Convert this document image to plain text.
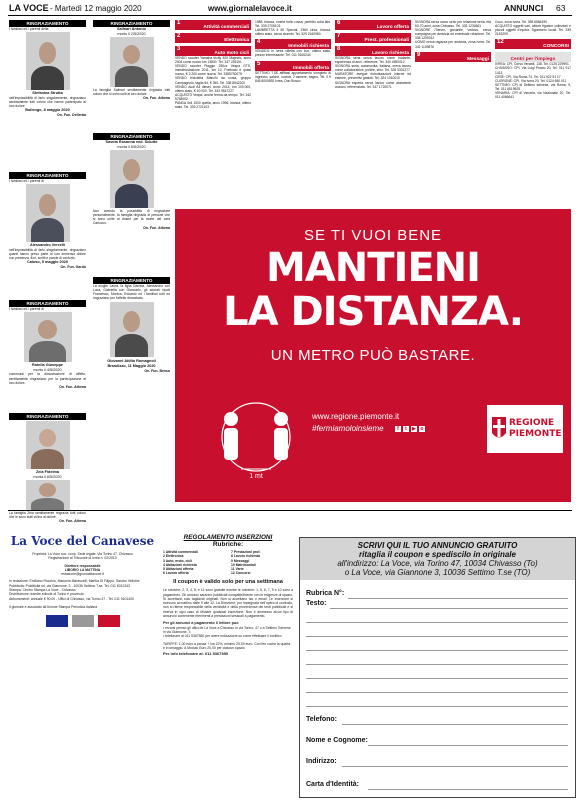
LA VOCE - Martedì 12 maggio 2020	www.giornalelavoce.it	ANNUNCI 63
RINGRAZIAMENTO
I familiari ed i parenti della
Stefanina Strutta
nell'impossibilità di farlo singolarmente, ringraziano sentitamente tutti coloro che hanno partecipato al loro dolore.
Bollengo, 8 maggio 2020
On. Fun. Dellerba
RINGRAZIAMENTO
I familiari ed i parenti di
Alessandro Vercelli
nell'impossibilità di farlo singolarmente, ringraziano quanti hanno preso parte al loro immenso dolore con presenza, fiori, scritti e parole di conforto.
Caluso, 5 maggio 2020
On. Fun. Gardo
RINGRAZIAMENTO
I familiari ed i parenti di
Rotella Giuseppe
morto il 4/5/2020
commossi per la dimostrazione di affetto, sentitamente ringraziano per la partecipazione al loro dolore.
On. Fun. Athena
RINGRAZIAMENTO
Zeia Fidelma
morta il 6/5/2020
La famiglia Zeia sentitamente ringrazia tutti coloro che le sono stati vicino al dolore.
On. Fun. Athena
RINGRAZIAMENTO
Salinari Antonio
morto il 2/5/2020
La famiglia Salinari sentitamente ringrazia tutti coloro che si sono uniti al loro dolore.
On. Fun. Athena
RINGRAZIAMENTO
Savoia Rosanna ved. Sciutto
morta il 5/5/2020
Non avendo la possibilità di ringraziare personalmente, la famiglia ringrazia le persone che si sono unite al dolore per la morte del cara Carlucco.
On. Fun. Athena
RINGRAZIAMENTO
La moglie Laura, la figlia Daniela, Alessandro con Luca, Gabriella con Giancarlo, gli adorati nipoti Francesco, Monica, Edoardo ed i familiari tutti ed ringraziano per l'affetto dimostrato.
Giovanni Attilio Romagnoli
Brandizzo, 11 Maggio 2020
On. Fun. Besso
1
Attività commerciali
2
Elettronica
3
Auto moto cicli
VENDO scooter Yamaha tricity 400 Majestic, anno 2004 come nuovo km 13800. Tel. 337 228151
VENDO scooter Piaggio 250cc Vespa GTS, immatricolazione 2011, km 10. Portinaio e quasi nuovo, € 2.200 come nuova. Tel. 3385730075
VENDO bicicletta Bianchi da corsa, gruppo Campagnolo, taglia 54, € 350. Tel. 338 8542202
VENDO Audi A4 diesel, anno 2014, km 100.000, ottimo stato, € 10.000. Tel. 333 9547227
ACQUISTO Vespa, anche ferma da tempo. Tel. 342 5758002
PANDA 4x4 1000 quella, anno 1996, bianca, ottimo stato. Tel. 339 2721103
1988, bianca, everte bello rossa, perfetto colla lato. Tel. 339 2705103
LAMBRETTA li 50 Special, 1960 circa, bianca, ottimo stato, cerca ricambi. Tel. 329 2160950
4
Immobili richiesta
VENDESI in Ivrea villetta con box, ottimo stato, prezzo interessante. Tel. 011 9106244
5
Immobili offerta
SETTIMO T.SE affittasi appartamento completo di ingresso, salone, cucina, 2 camere, bagno. Tel. 0 9 845 8000892 Ivrea, Don Bosco
6
Lavoro offerta
7
Prest. professionali
8
Lavoro richiesta
SIGNORA seria cerca lavoro come badante, esperienza di anni, referenze. Tel. 340 4590012
SIGNORA seria, automunita, italiana, cerca lavoro come collaboratrice, pulizie, stiro. Tel. 328 3301277
MURATORE esegue ristrutturazioni interne ed esterne, preventivi gratuiti. Tel. 324 1010010
SIGNORA esperta cerca lavoro come assistente anziani, referenziata. Tel. 347 1720071
SIGNORA cerca uomo serio per relazione seria, età 60-70 anni, zona Chivasso. Tel. 333 1234561
SIGNORE 70enne, giovanile, vedovo, cerca compagna per amicizia ed eventuale relazione. Tel. 338 1209312
UOMO cerca ragazza per amicizia, zona Ivrea. Tel. 342 1109876
9
Messaggi
il suo, zona Ivrea. Tel. 359 6584490
ACQUISTO oggetti vari, album figurine collezioni e piccoli oggetti d'epoca. Sgombero locali. Tel. 339 2153209
12
CONCORSI
Centri per l'impiego
IVREA: CPI, Corso Vercelli, 138, Tel. 0125 229991
CHIVASSO: CPI, Via Luigi Peano 20, Tel. 011 917 1413
CIRIÈ: CPI, Via Roma 74, Tel. 011 922 51 17
CUORGNÈ: CPI, Via Ivrea 20, Tel. 0124 650 011
SETTIMO: CPI di Settimo torinese, via Roma, 9, Tel. 011 8019925
VENARIA: CPI di Venaria, via Nazionale 20, Tel. 011 4066641
SE TI VUOI BENE
MANTIENI
LA DISTANZA.
UN METRO PUÒ BASTARE.
1 mt
www.regione.piemonte.it
#fermiamoloinsieme	f t ▶ o
REGIONE
PIEMONTE
La Voce del Canavese
Proprietà: La Voce soc. coop. Sede legale: Via Torino 47, Chivasso
Registrazione al Tribunale di Ivrea n. 02/2013
Direttore responsabile
LIBORIO LA MATTINA
redazione@giornalelavoce.it
In redazione: Emiliano Rozzino, Manuela Marascelli, Marika Di Filippo, Sandro Vellutini
Pubblicità: Pubblicità srl, via Giannone, 3 - 10036 Settimo T.se. Tel. 011 8012343
Stampa: Centro Stampa La Voce - Chivasso
Distribuzione: tramite edicole di Torino e provincia
Abbonamenti: annuale € 90,00 - Uffici di Chivasso, via Torino 47 - Tel. 011 9101400
Il giornale è associato all'Unione Stampa Periodica Italiana
REGOLAMENTO INSERZIONI
Rubriche:
1 Attività commerciali
2 Elettronica
3 Auto, moto, cicli
4 Abitazioni richiesta
5 Abitazioni offerta
6 Lavoro offerta
7 Prestazioni prof.
8 Lavoro richiesta
9 Messaggi
10 Matrimoniali
11 Varie
12 Concorsi
Il coupon è valido solo per una settimana
Le rubriche: 2, 3, 4, 8, e 11 sono gratuite mentre le rubriche: 1, 5, 6, 7, 9 e 10 sono a pagamento. Gli annunci saranno pubblicati compatibilmente con le esigenze di spazio. Si accettano solo tagliandi originali. Non si accettano fax o email. Le inserzioni si ricevono al mattino dalle 9 alle 12. La Direzione, pur impegnata nell'opera di controllo, non si ritiene responsabile della veridicità e della provenienza dei testi pubblicati e si riserva in ogni caso di rifiutare qualsiasi inserzione. Non è ammesso alcun tipo di annuncio contenente riferimenti a prestazioni sessuali a pagamento.
Per gli annunci a pagamento il lettore può
• recarsi presso gli uffici de La Voce a Chivasso in via Torino, 47 o a Settimo Torinese in via Giannone, 3
• telefonare al 011 5367550 per avere indicazione su come effettuare il bonifico
TARIFFE: 1,00 euro a parola + Iva 22%, minimo 25,00 euro. Con fee cuche la quarta è in omaggio. A Modulo Euro 20,00 per ciascun spazio
Per info telefonare al: 011 5367550
SCRIVI QUI IL TUO ANNUNCIO GRATUITO
ritaglia il coupon e spediscilo in originale
all'indirizzo: La Voce, via Torino 47, 10034 Chivasso (To)
o La Voce, via Giannone 3, 10036 Settimo T.se (TO)
Rubrica N°:
Testo:
Telefono:
Nome e Cognome:
Indirizzo:
Carta d'Identità:
